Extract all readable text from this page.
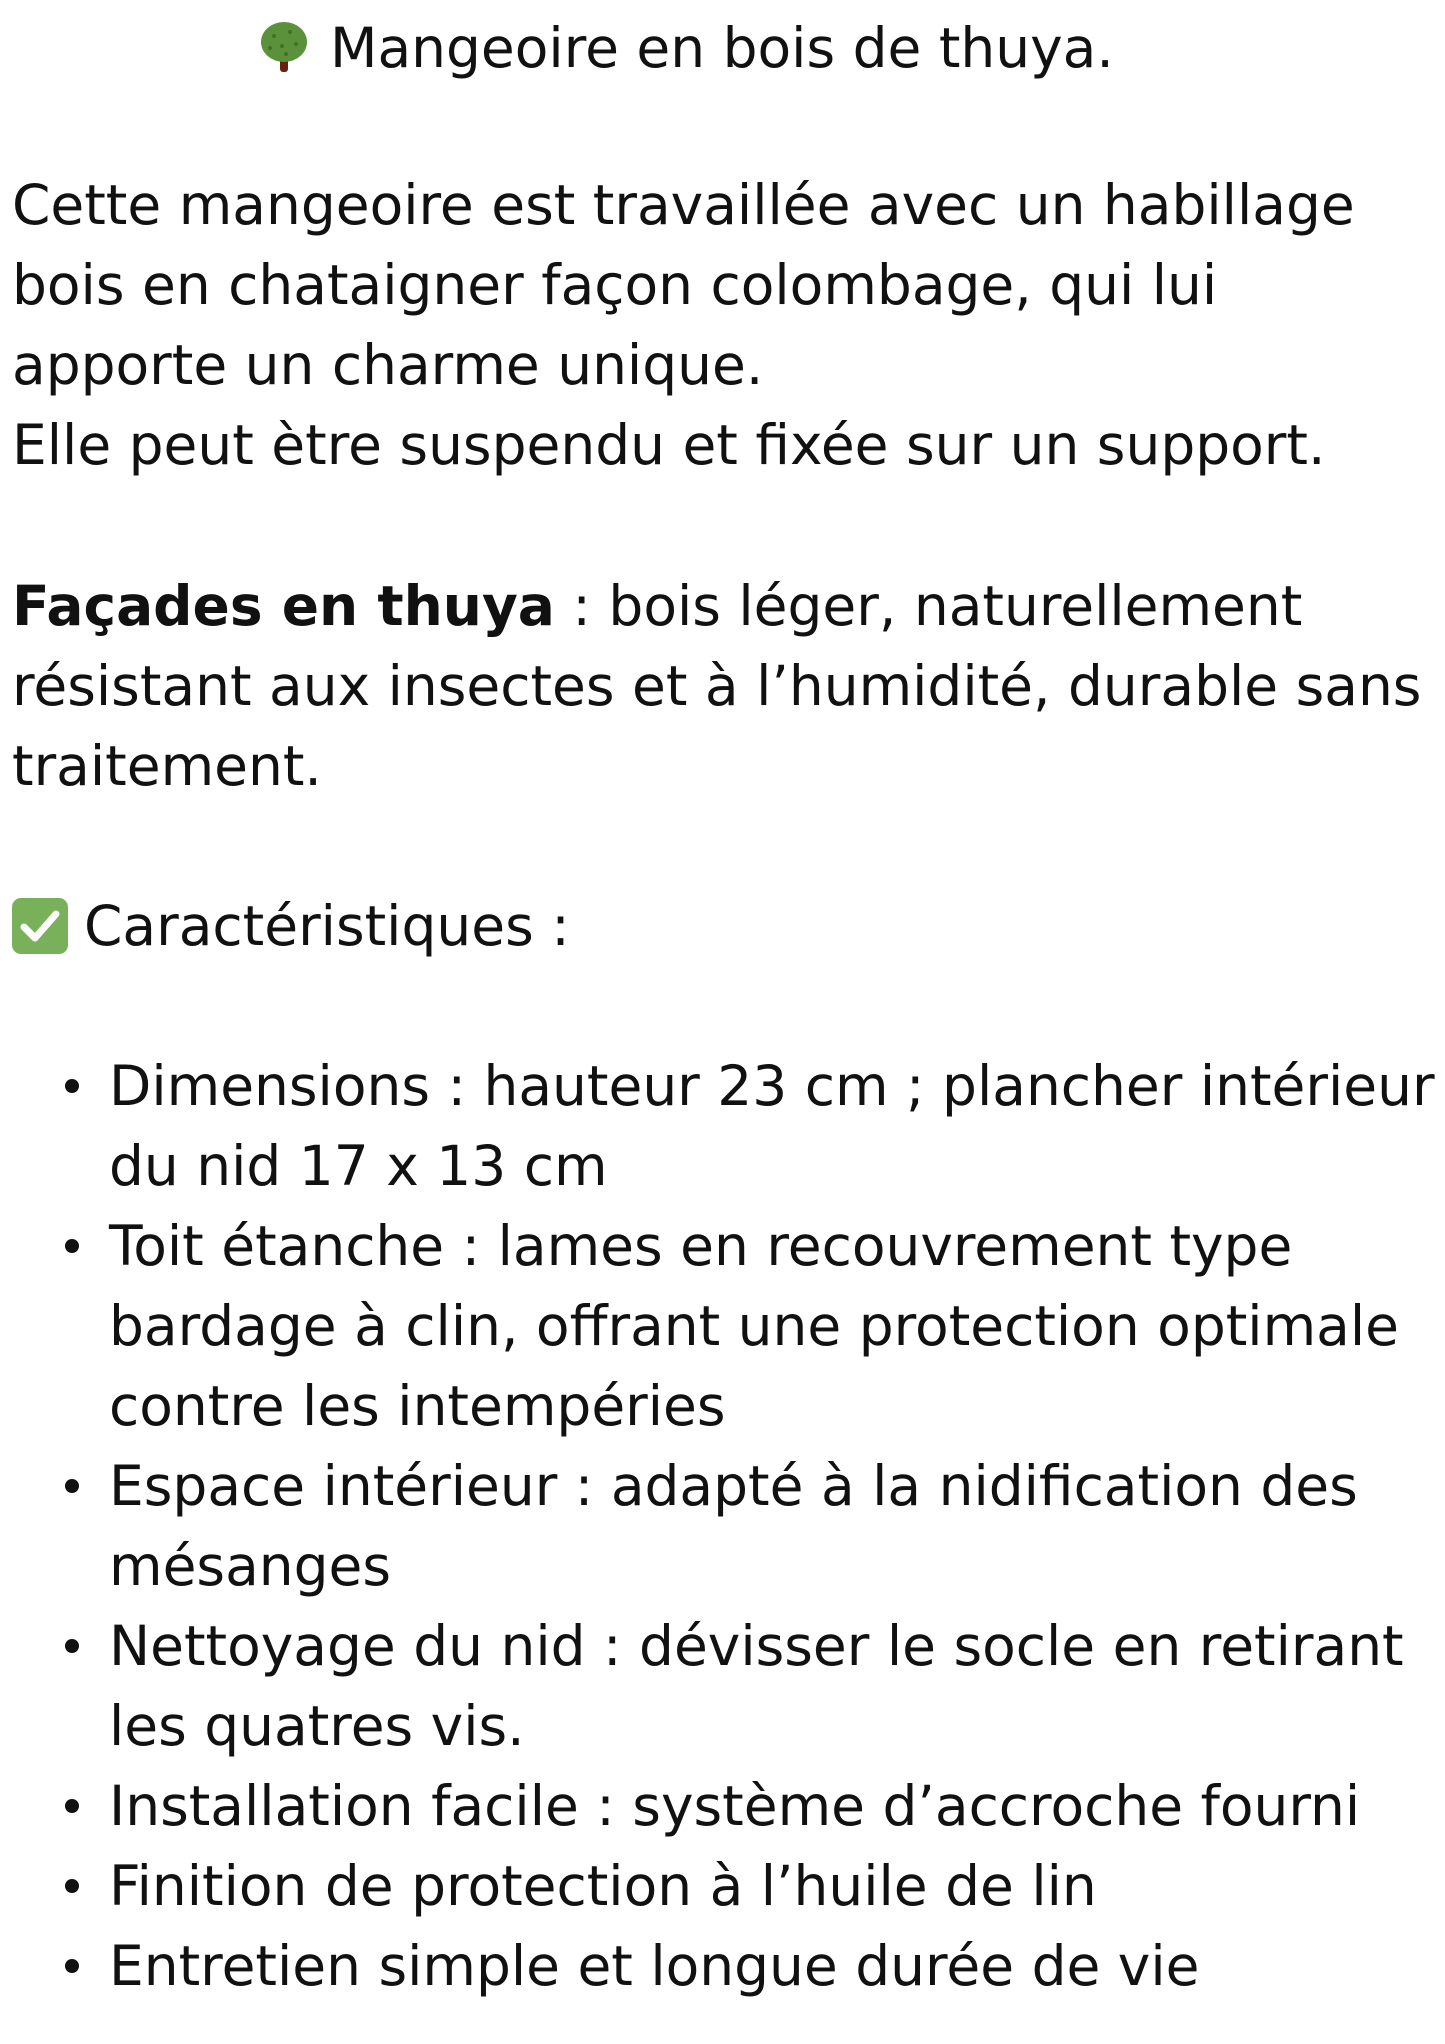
Mangeoire en bois de thuya.

Cette mangeoire est travaillée avec un habillage bois en chataigner façon colombage, qui lui apporte un charme unique.
Elle peut ètre suspendu et fixée sur un support.

Façades en thuya : bois léger, naturellement résistant aux insectes et à l’humidité, durable sans traitement.

Caractéristiques :
Dimensions : hauteur 23 cm ; plancher intérieur du nid 17 x 13 cm
Toit étanche : lames en recouvrement type bardage à clin, offrant une protection optimale contre les intempéries
Espace intérieur : adapté à la nidification des mésanges
Nettoyage du nid : dévisser le socle en retirant les quatres vis.
Installation facile : système d’accroche fourni
Finition de protection à l’huile de lin
Entretien simple et longue durée de vie
